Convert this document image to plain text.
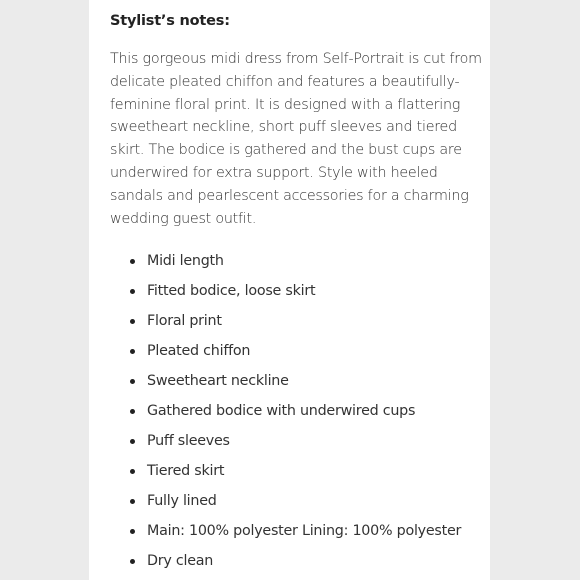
Stylist’s notes:

This gorgeous midi dress from Self-Portrait is cut from delicate pleated chiffon and features a beautifully-feminine floral print. It is designed with a flattering sweetheart neckline, short puff sleeves and tiered skirt. The bodice is gathered and the bust cups are underwired for extra support. Style with heeled sandals and pearlescent accessories for a charming wedding guest outfit.

Midi length
Fitted bodice, loose skirt
Floral print
Pleated chiffon
Sweetheart neckline
Gathered bodice with underwired cups
Puff sleeves
Tiered skirt
Fully lined
Main: 100% polyester Lining: 100% polyester
Dry clean
